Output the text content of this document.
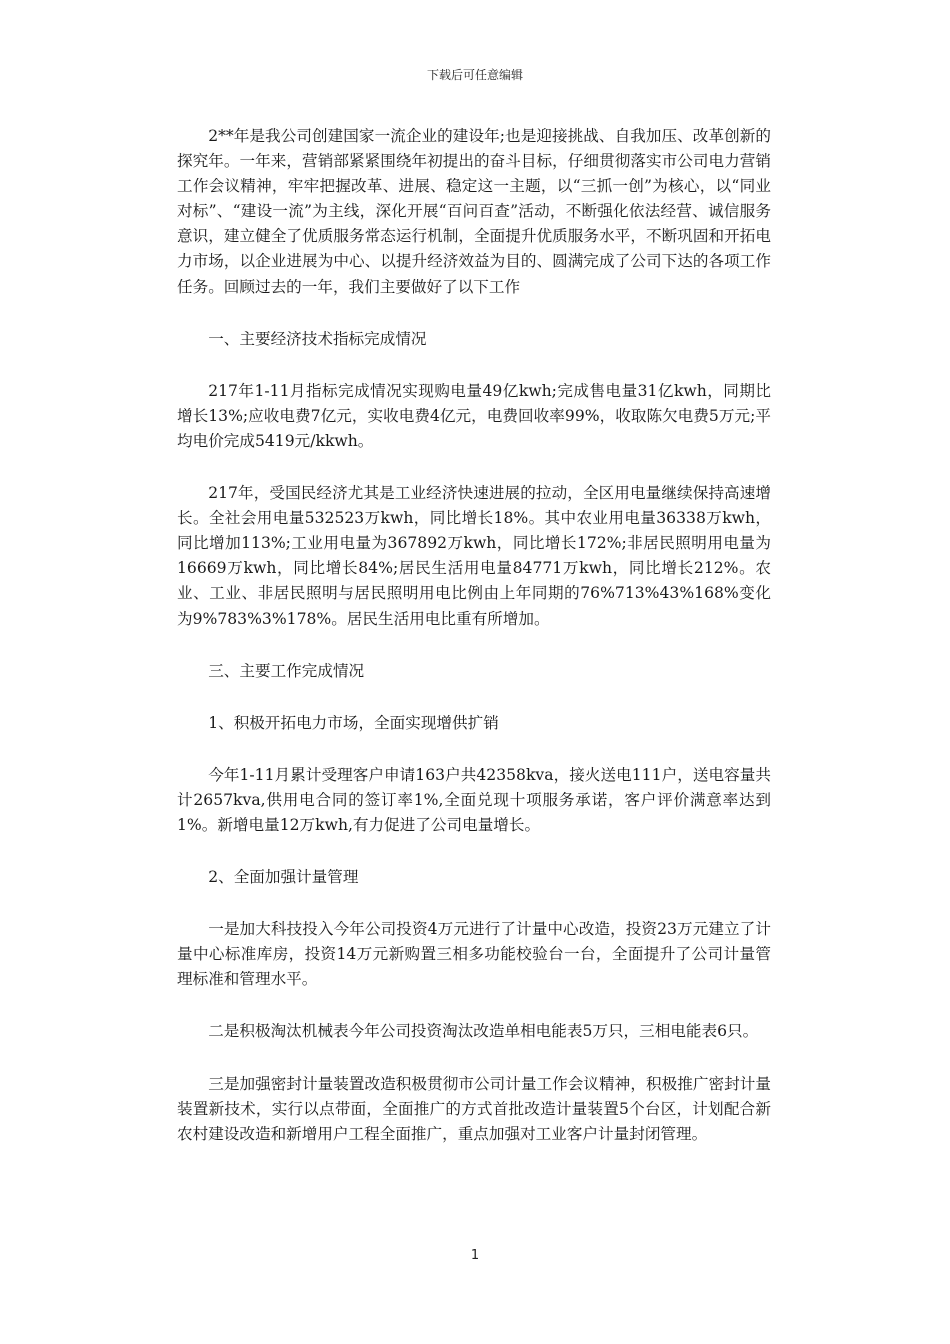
下载后可任意编辑

2**年是我公司创建国家一流企业的建设年;也是迎接挑战、自我加压、改革创新的探究年。一年来，营销部紧紧围绕年初提出的奋斗目标，仔细贯彻落实市公司电力营销工作会议精神，牢牢把握改革、进展、稳定这一主题，以“三抓一创”为核心，以“同业对标”、“建设一流”为主线，深化开展“百问百查”活动，不断强化依法经营、诚信服务意识，建立健全了优质服务常态运行机制，全面提升优质服务水平，不断巩固和开拓电力市场，以企业进展为中心、以提升经济效益为目的、圆满完成了公司下达的各项工作任务。回顾过去的一年，我们主要做好了以下工作

一、主要经济技术指标完成情况

217年1-11月指标完成情况实现购电量49亿kwh;完成售电量31亿kwh，同期比增长13%;应收电费7亿元，实收电费4亿元，电费回收率99%，收取陈欠电费5万元;平均电价完成5419元/kkwh。

217年，受国民经济尤其是工业经济快速进展的拉动，全区用电量继续保持高速增长。全社会用电量532523万kwh，同比增长18%。其中农业用电量36338万kwh，同比增加113%;工业用电量为367892万kwh，同比增长172%;非居民照明用电量为16669万kwh，同比增长84%;居民生活用电量84771万kwh，同比增长212%。农业、工业、非居民照明与居民照明用电比例由上年同期的76%713%43%168%变化为9%783%3%178%。居民生活用电比重有所增加。

三、主要工作完成情况

1、积极开拓电力市场，全面实现增供扩销

今年1-11月累计受理客户申请163户共42358kva，接火送电111户，送电容量共计2657kva,供用电合同的签订率1%,全面兑现十项服务承诺，客户评价满意率达到1%。新增电量12万kwh,有力促进了公司电量增长。

2、全面加强计量管理

一是加大科技投入今年公司投资4万元进行了计量中心改造，投资23万元建立了计量中心标准库房，投资14万元新购置三相多功能校验台一台，全面提升了公司计量管理标准和管理水平。

二是积极淘汰机械表今年公司投资淘汰改造单相电能表5万只，三相电能表6只。

三是加强密封计量装置改造积极贯彻市公司计量工作会议精神，积极推广密封计量装置新技术，实行以点带面，全面推广的方式首批改造计量装置5个台区，计划配合新农村建设改造和新增用户工程全面推广，重点加强对工业客户计量封闭管理。

1
